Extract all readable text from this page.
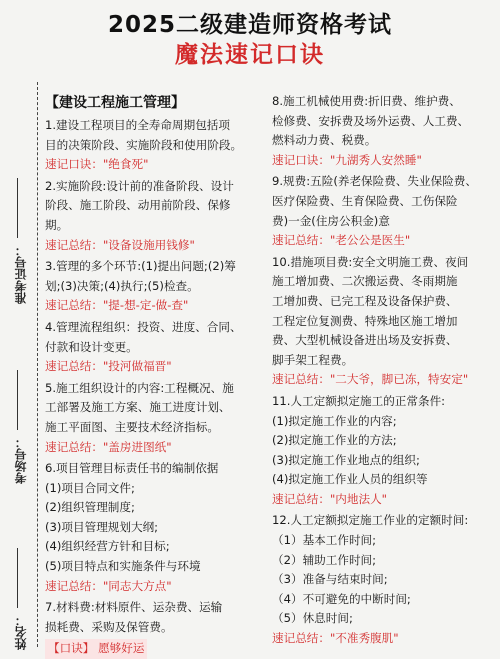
2025二级建造师资格考试
魔法速记口诀
准考证号：
考场号：
姓名：
【建设工程施工管理】
1.建设工程项目的全寿命周期包括项
目的决策阶段、实施阶段和使用阶段。
速记口诀："绝食死"
2.实施阶段:设计前的准备阶段、设计
阶段、施工阶段、动用前阶段、保修
期。
速记总结："设备设施用钱修"
3.管理的多个环节:(1)提出问题;(2)筹
划;(3)决策;(4)执行;(5)检查。
速记总结："提-想-定-做-查"
4.管理流程组织：投资、进度、合同、
付款和设计变更。
速记总结："投河做福晋"
5.施工组织设计的内容:工程概况、施
工部署及施工方案、施工进度计划、
施工平面图、主要技术经济指标。
速记总结："盖房进图纸"
6.项目管理目标责任书的编制依据
(1)项目合同文件;
(2)组织管理制度;
(3)项目管理规划大纲;
(4)组织经营方针和目标;
(5)项目特点和实施条件与环境
速记总结："同志大方点"
7.材料费:材料原件、运杂费、运输
损耗费、采购及保管费。
【口诀】 愿够好运
8.施工机械使用费:折旧费、维护费、
检修费、安拆费及场外运费、人工费、
燃料动力费、税费。
速记口诀："九湖秀人安然睡"
9.规费:五险(养老保险费、失业保险费、
医疗保险费、生育保险费、工伤保险
费)一金(住房公积金)意
速记总结："老公公是医生"
10.措施项目费:安全文明施工费、夜间
施工增加费、二次搬运费、冬雨期施
工增加费、已完工程及设备保护费、
工程定位复测费、特殊地区施工增加
费、大型机械设备进出场及安拆费、
脚手架工程费。
速记总结："二大爷，脚已冻，特安定"
11.人工定额拟定施工的正常条件:
(1)拟定施工作业的内容;
(2)拟定施工作业的方法;
(3)拟定施工作业地点的组织;
(4)拟定施工作业人员的组织等
速记总结："内地法人"
12.人工定额拟定施工作业的定额时间:
（1）基本工作时间;
（2）辅助工作时间;
（3）准备与结束时间;
（4）不可避免的中断时间;
（5）休息时间;
速记总结："不准秀腹肌"
